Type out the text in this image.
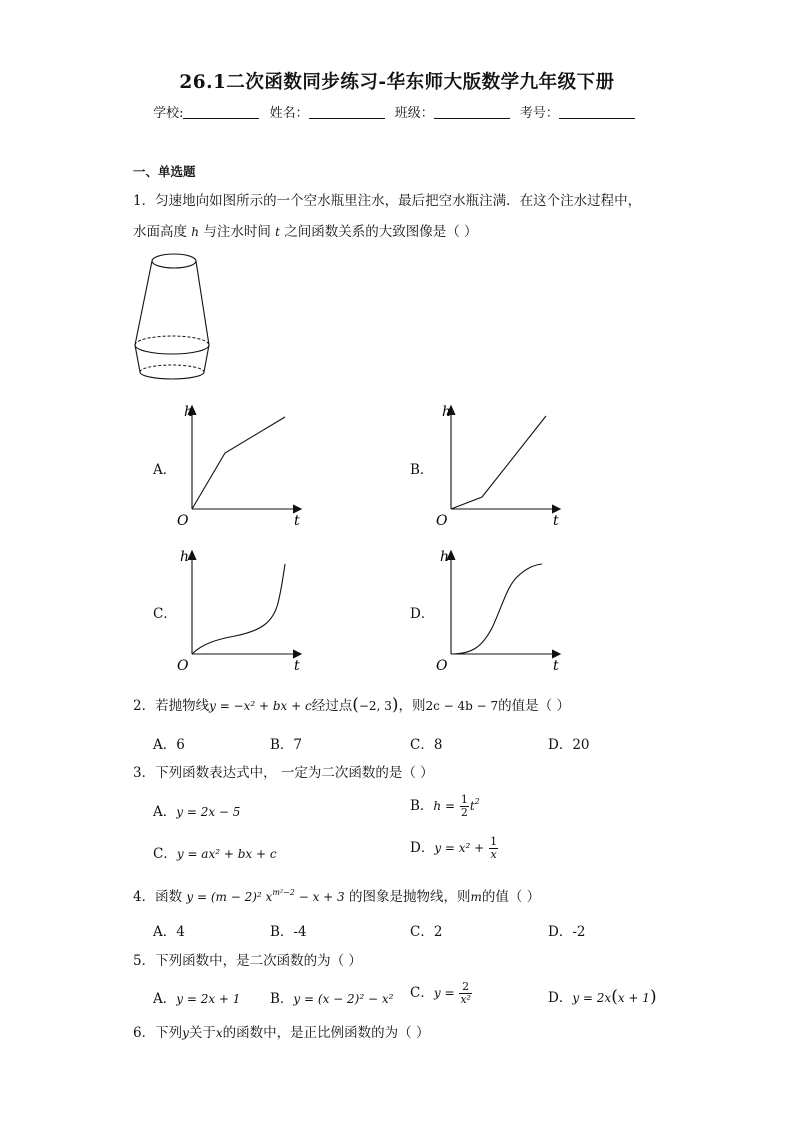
26.1二次函数同步练习-华东师大版数学九年级下册
学校:	姓名：	班级：	考号：
一、单选题
1．匀速地向如图所示的一个空水瓶里注水，最后把空水瓶注满．在这个注水过程中，
水面高度 h 与注水时间 t 之间函数关系的大致图像是（ ）
A．	B．
C．	D．
h
t
O
h
t
O
h
t
O
h
t
O
2．若抛物线y = −x² + bx + c经过点(−2, 3)，则2c − 4b − 7的值是（ ）
A．6	B．7	C．8	D．20
3．下列函数表达式中， 一定为二次函数的是（ ）
A．y = 2x − 5	B．$h = \frac{1}{2} t^2$
C．y = ax² + bx + c	D．$y = x^2 + \frac{1}{x}$
4．函数 y = (m − 2)² $x^{m^2-2} - x + 3$ 的图象是抛物线，则m的值（ ）
A．4	B．-4	C．2	D．-2
5．下列函数中，是二次函数的为（ ）
A．y = 2x + 1 B．y = (x − 2)² − x² C．$y = \frac{2}{\text{x²}}$	D．y = 2x(x + 1)
6．下列y关于x的函数中，是正比例函数的为（ ）
